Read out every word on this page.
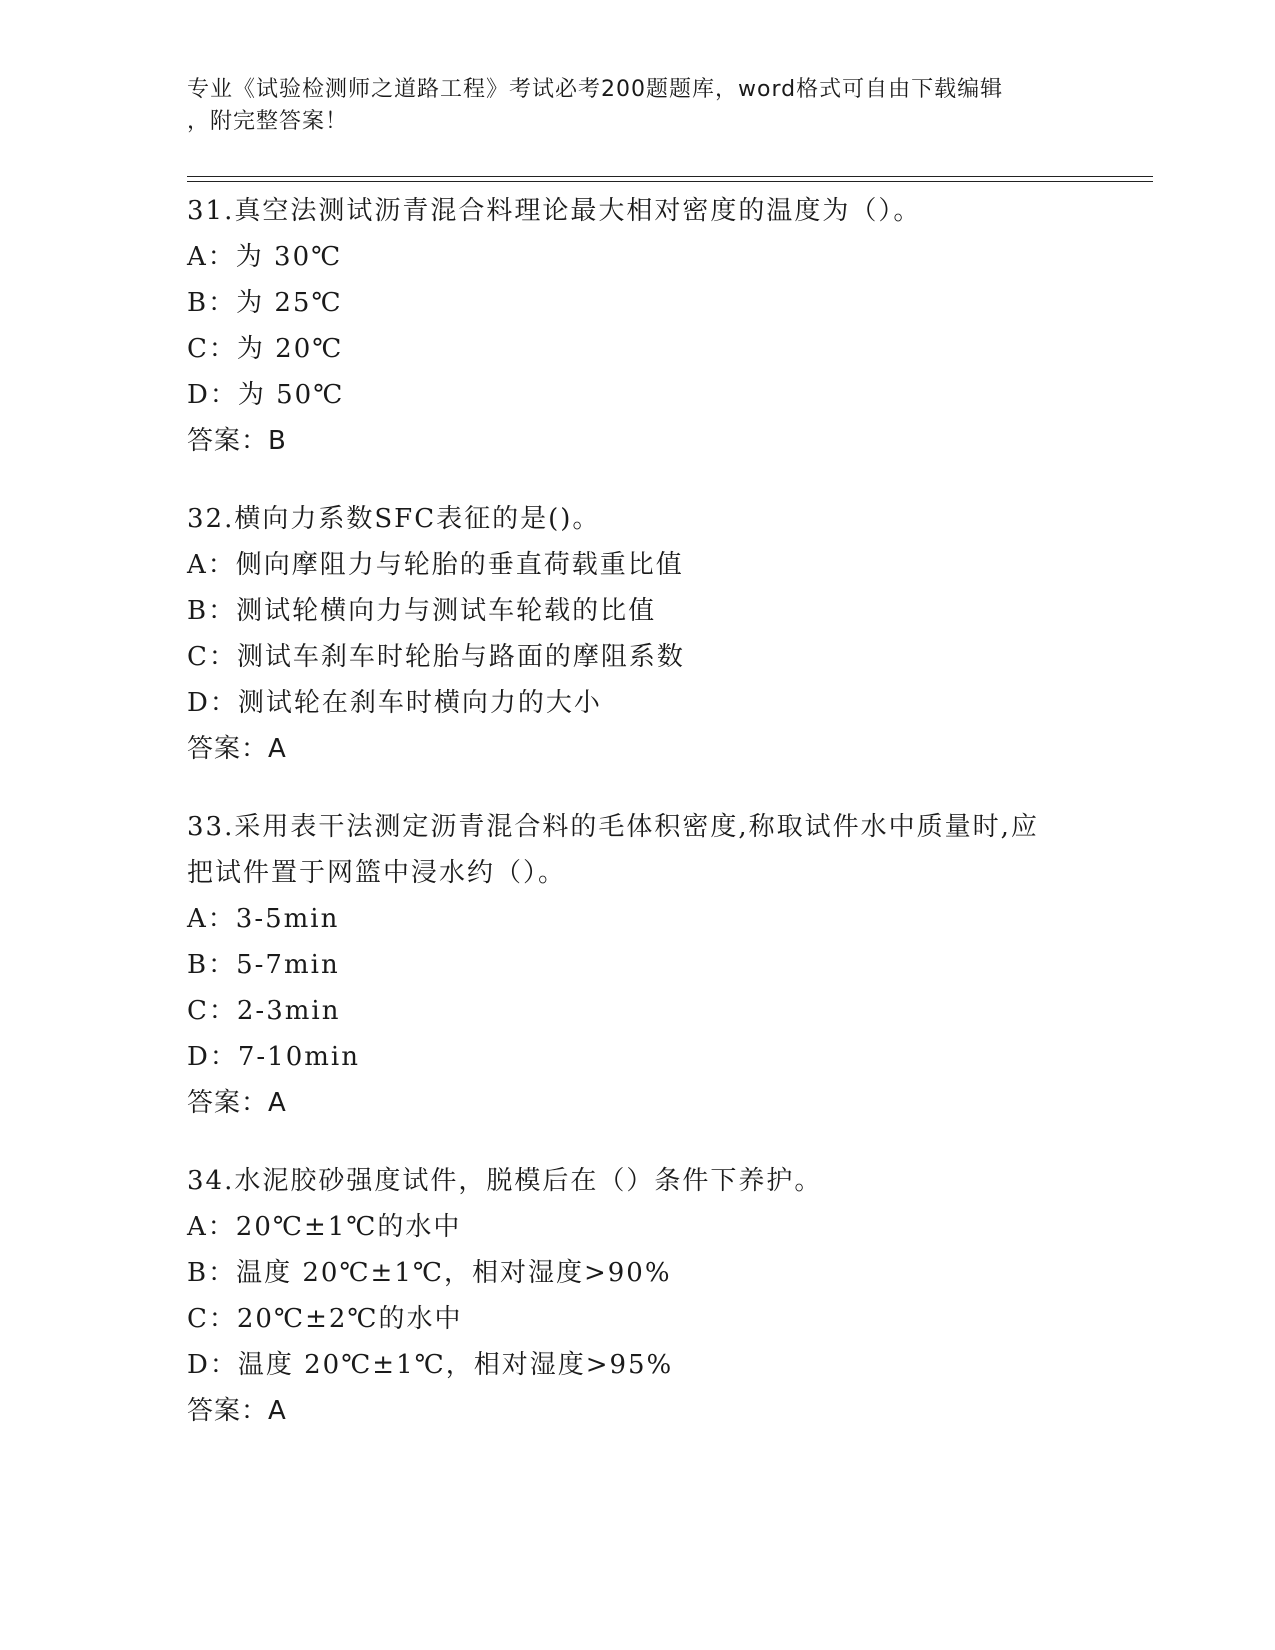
专业《试验检测师之道路工程》考试必考200题题库，word格式可自由下载编辑
，附完整答案！

31.真空法测试沥青混合料理论最大相对密度的温度为（）。

A：为 30℃

B：为 25℃

C：为 20℃

D：为 50℃

答案：B

32.横向力系数SFC表征的是()。

A：侧向摩阻力与轮胎的垂直荷载重比值

B：测试轮横向力与测试车轮载的比值

C：测试车刹车时轮胎与路面的摩阻系数

D：测试轮在刹车时横向力的大小

答案：A

33.采用表干法测定沥青混合料的毛体积密度,称取试件水中质量时,应

把试件置于网篮中浸水约（）。

A：3-5min

B：5-7min

C：2-3min

D：7-10min

答案：A

34.水泥胶砂强度试件，脱模后在（）条件下养护。

A：20℃±1℃的水中

B：温度 20℃±1℃，相对湿度>90%

C：20℃±2℃的水中

D：温度 20℃±1℃，相对湿度>95%

答案：A
